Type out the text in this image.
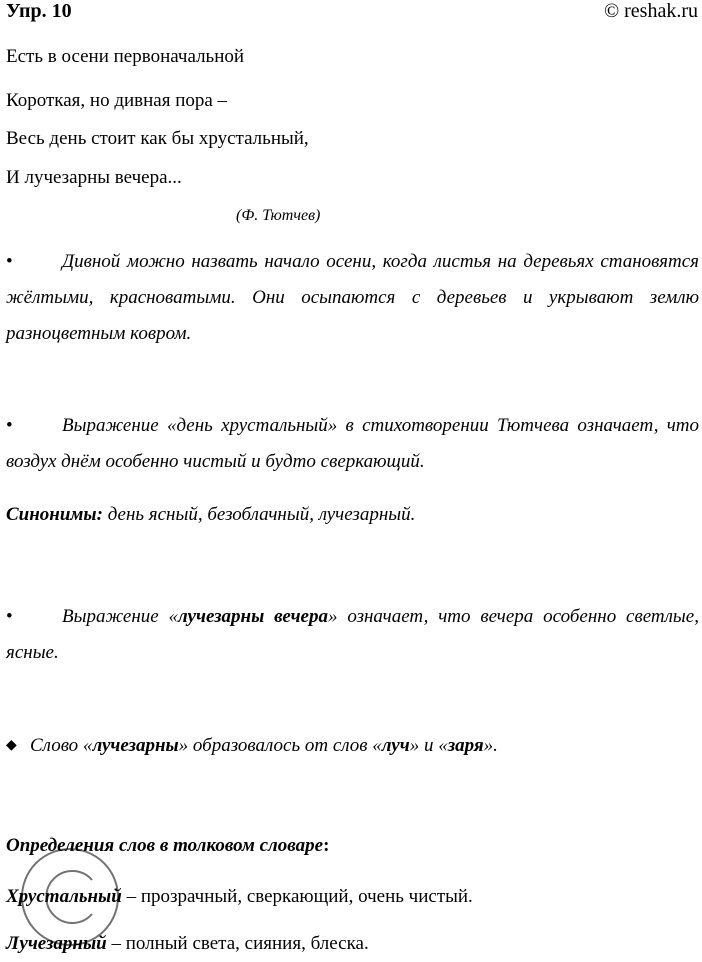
Упр. 10	© reshak.ru
Есть в осени первоначальной
Короткая, но дивная пора –
Весь день стоит как бы хрустальный,
И лучезарны вечера...
(Ф. Тютчев)
•	Дивной можно назвать начало осени, когда листья на деревьях становятся жёлтыми, красноватыми. Они осыпаются с деревьев и укрывают землю разноцветным ковром.
•	Выражение «день хрустальный» в стихотворении Тютчева означает, что воздух днём особенно чистый и будто сверкающий.
Синонимы: день ясный, безоблачный, лучезарный.
•	Выражение «лучезарны вечера» означает, что вечера особенно светлые, ясные.
◆ Слово «лучезарны» образовалось от слов «луч» и «заря».
Определения слов в толковом словаре:
Хрустальный – прозрачный, сверкающий, очень чистый.
Лучезарный – полный света, сияния, блеска.
